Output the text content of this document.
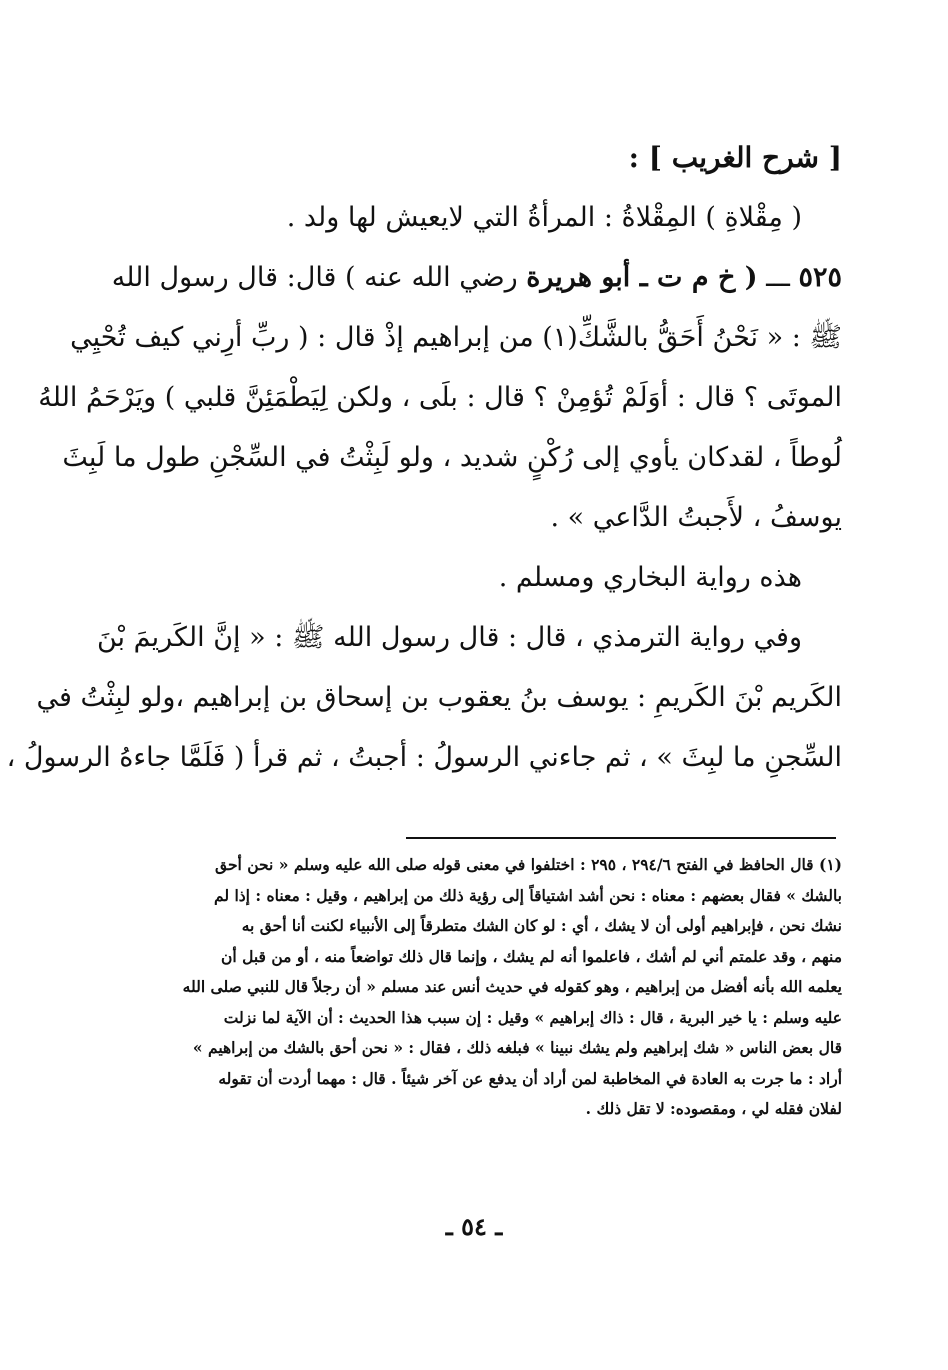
[ شرح الغريب ] :
( مِقْلاةِ ) المِقْلاةُ : المرأةُ التي لايعيش لها ولد .
٥٢٥ ـــ ( خ م ت ـ أبو هريرة رضي الله عنه ) قال: قال رسول الله
ﷺ : « نَحْنُ أَحَقُّ بالشَّكِّ(١) من إبراهيم إذْ قال : ( ربِّ أرِني كيف تُحْيِي
الموتَى ؟ قال : أوَلَمْ تُؤمِنْ ؟ قال : بلَى ، ولكن لِيَطْمَئِنَّ قلبي ) ويَرْحَمُ اللهُ
لُوطاً ، لقدكان يأوي إلى رُكْنٍ شديد ، ولو لَبِثْتُ في السِّجْنِ طول ما لَبِثَ
يوسفُ ، لأَجبتُ الدَّاعي » .
هذه رواية البخاري ومسلم .
وفي رواية الترمذي ، قال : قال رسول الله ﷺ : « إنَّ الكَريمَ بْنَ
الكَريم بْنَ الكَريمِ : يوسف بنُ يعقوب بن إسحاق بن إبراهيم ،ولو لبِثْتُ في
السِّجنِ ما لبِثَ » ، ثم جاءني الرسولُ : أجبتُ ، ثم قرأ ( فَلَمَّا جاءهُ الرسولُ ،
(١) قال الحافظ في الفتح ٢٩٤/٦ ، ٢٩٥ : اختلفوا في معنى قوله صلى الله عليه وسلم « نحن أحق
بالشك » فقال بعضهم : معناه : نحن أشد اشتياقاً إلى رؤية ذلك من إبراهيم ، وقيل : معناه : إذا لم
نشك نحن ، فإبراهيم أولى أن لا يشك ، أي : لو كان الشك متطرقاً إلى الأنبياء لكنت أنا أحق به
منهم ، وقد علمتم أني لم أشك ، فاعلموا أنه لم يشك ، وإنما قال ذلك تواضعاً منه ، أو من قبل أن
يعلمه الله بأنه أفضل من إبراهيم ، وهو كقوله في حديث أنس عند مسلم « أن رجلاً قال للنبي صلى الله
عليه وسلم : يا خير البرية ، قال : ذاك إبراهيم » وقيل : إن سبب هذا الحديث : أن الآية لما نزلت
قال بعض الناس « شك إبراهيم ولم يشك نبينا » فبلغه ذلك ، فقال : « نحن أحق بالشك من إبراهيم »
أراد : ما جرت به العادة في المخاطبة لمن أراد أن يدفع عن آخر شيئاً . قال : مهما أردت أن تقوله
لفلان فقله لي ، ومقصوده: لا تقل ذلك .
ـ ٥٤ ـ
